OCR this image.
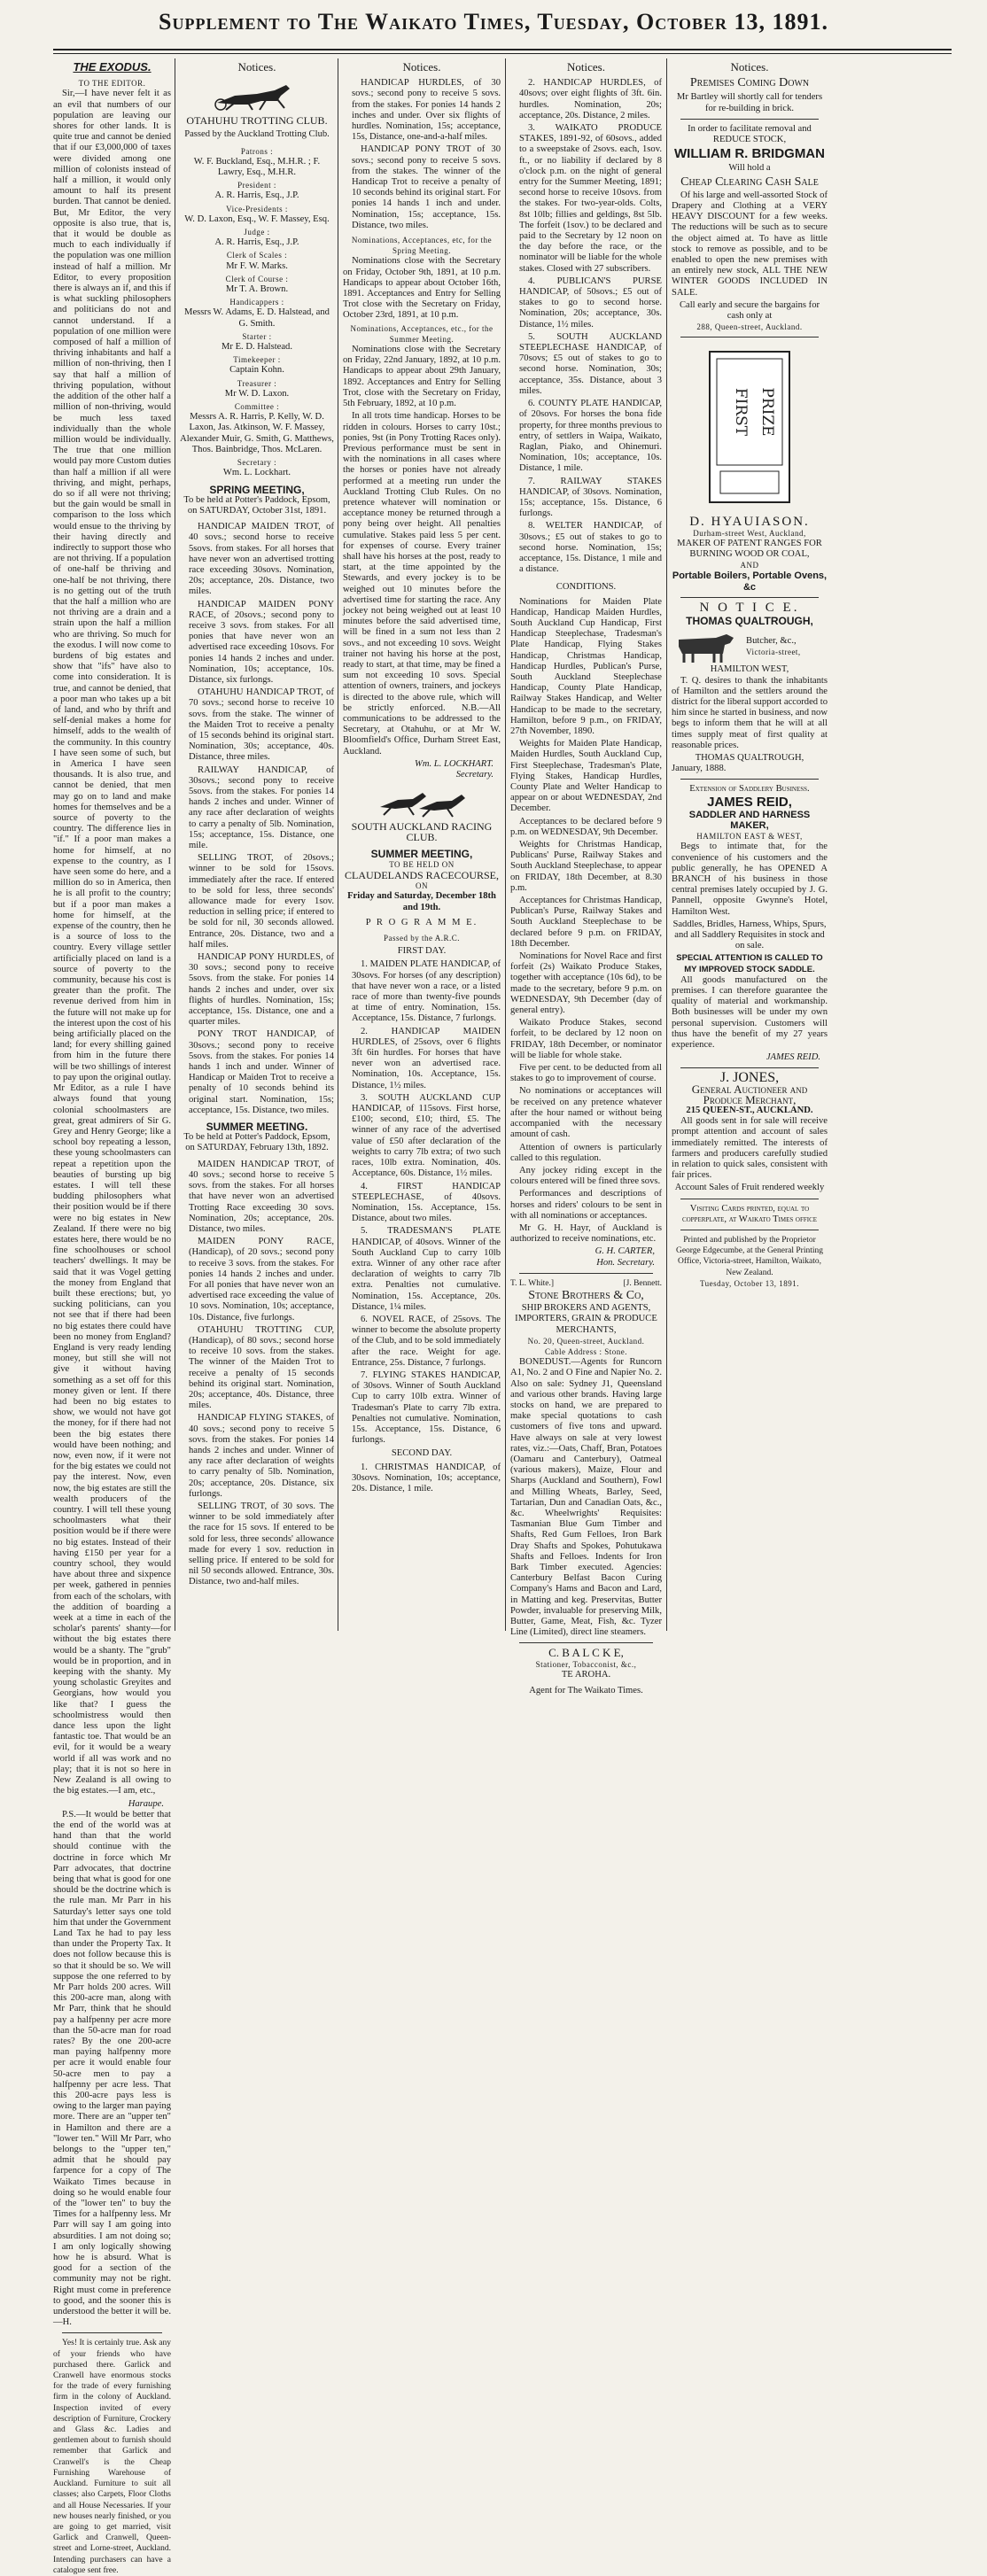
Supplement to The Waikato Times, Tuesday, October 13, 1891.
THE EXODUS.
TO THE EDITOR.

Sir,—I have never felt it as an evil that numbers of our population are leaving our shores for other lands. It is quite true and cannot be denied that if our £3,000,000 of taxes were divided among one million of colonists instead of half a million, it would only amount to half its present burden. That cannot be denied. But, Mr Editor, the very opposite is also true, that is, that it would be double as much to each individually if the population was one million instead of half a million. Mr Editor, to every proposition there is always an if, and this if is what suckling philosophers and politicians do not and cannot understand. If a population of one million were composed of half a million of thriving inhabitants and half a million of non-thriving, then I say that half a million of thriving population, without the addition of the other half a million of non-thriving, would be much less taxed individually than the whole million would be individually. The true that one million would pay more Custom duties than half a million if all were thriving, and might, perhaps, do so if all were not thriving; but the gain would be small in comparison to the loss which would ensue to the thriving by their having directly and indirectly to support those who are not thriving. If a population of one-half be thriving and one-half be not thriving, there is no getting out of the truth that the half a million who are not thriving are a drain and a strain upon the half a million who are thriving. So much for the exodus. I will now come to burdens of big estates and show that "ifs" have also to come into consideration. It is true, and cannot be denied, that a poor man who takes up a bit of land, and who by thrift and self-denial makes a home for himself, adds to the wealth of the community. In this country I have seen some of such, but in America I have seen thousands. It is also true, and cannot be denied, that men may go on to land and make homes for themselves and be a source of poverty to the country. The difference lies in "if." If a poor man makes a home for himself, at no expense to the country, as I have seen some do here, and a million do so in America, then he is all profit to the country; but if a poor man makes a home for himself, at the expense of the country, then he is a source of loss to the country. Every village settler artificially placed on land is a source of poverty to the community, because his cost is greater than the profit. The revenue derived from him in the future will not make up for the interest upon the cost of his being artificially placed on the land; for every shilling gained from him in the future there will be two shillings of interest to pay upon the original outlay. Mr Editor, as a rule I have always found that young colonial schoolmasters are great, great admirers of Sir G. Grey and Henry George; like a school boy repeating a lesson, these young schoolmasters can repeat a repetition upon the beauties of bursting up big estates. I will tell these budding philosophers what their position would be if there were no big estates in New Zealand. If there were no big estates here, there would be no fine schoolhouses or school teachers' dwellings. It may be said that it was Vogel getting the money from England that built these erections; but, yo sucking politicians, can you not see that if there had been no big estates there could have been no money from England? England is very ready lending money, but still she will not give it without having something as a set off for this money given or lent. If there had been no big estates to show, we would not have got the money, for if there had not been the big estates there would have been nothing; and now, even now, if it were not for the big estates we could not pay the interest. Now, even now, the big estates are still the wealth producers of the country. I will tell these young schoolmasters what their position would be if there were no big estates. Instead of their having £150 per year for a country school, they would have about three and sixpence per week, gathered in pennies from each of the scholars, with the addition of boarding a week at a time in each of the scholar's parents' shanty—for without the big estates there would be a shanty. The "grub" would be in proportion, and in keeping with the shanty. My young scholastic Greyites and Georgians, how would you like that? I guess the schoolmistress would then dance less upon the light fantastic toe. That would be an evil, for it would be a weary world if all was work and no play; that it is not so here in New Zealand is all owing to the big estates.—I am, etc.,

Haraupe.

P.S.—It would be better that the end of the world was at hand than that the world should continue with the doctrine in force which Mr Parr advocates, that doctrine being that what is good for one should be the doctrine which is the rule man. Mr Parr in his Saturday's letter says one told him that under the Government Land Tax he had to pay less than under the Property Tax. It does not follow because this is so that it should be so. We will suppose the one referred to by Mr Parr holds 200 acres. Will this 200-acre man, along with Mr Parr, think that he should pay a halfpenny per acre more than the 50-acre man for road rates? By the one 200-acre man paying halfpenny more per acre it would enable four 50-acre men to pay a halfpenny per acre less. That this 200-acre pays less is owing to the larger man paying more. There are an "upper ten" in Hamilton and there are a "lower ten." Will Mr Parr, who belongs to the "upper ten," admit that he should pay farpence for a copy of The Waikato Times because in doing so he would enable four of the "lower ten" to buy the Times for a halfpenny less. Mr Parr will say I am going into absurdities. I am not doing so; I am only logically showing how he is absurd. What is good for a section of the community may not be right. Right must come in preference to good, and the sooner this is understood the better it will be.—H.

Yes! It is certainly true. Ask any of your friends who have purchased there. Garlick and Cranwell have enormous stocks for the trade of every furnishing firm in the colony of Auckland. Inspection invited of every description of Furniture, Crockery and Glass &c. Ladies and gentlemen about to furnish should remember that Garlick and Cranwell's is the Cheap Furnishing Warehouse of Auckland. Furniture to suit all classes; also Carpets, Floor Cloths and all House Necessaries. If your new houses nearly finished, or you are going to get married, visit Garlick and Cranwell, Queen-street and Lorne-street, Auckland. Intending purchasers can have a catalogue sent free.

Notices.
OTAHUHU TROTTING CLUB.
Passed by the Auckland Trotting Club.
Patrons :
W. F. Buckland, Esq., M.H.R. ; F. Lawry, Esq., M.H.R.
President :
A. R. Harris, Esq., J.P.
Vice-Presidents :
W. D. Laxon, Esq., W. F. Massey, Esq.
Judge :
A. R. Harris, Esq., J.P.
Clerk of Scales :
Mr F. W. Marks.
Clerk of Course :
Mr T. A. Brown.
Handicappers :
Messrs W. Adams, E. D. Halstead, and G. Smith.
Starter :
Mr E. D. Halstead.
Timekeeper :
Captain Kohn.
Treasurer :
Mr W. D. Laxon.
Committee :
Messrs A. R. Harris, P. Kelly, W. D. Laxon, Jas. Atkinson, W. F. Massey, Alexander Muir, G. Smith, G. Matthews, Thos. Bainbridge, Thos. McLaren.
Secretary :
Wm. L. Lockhart.
SPRING MEETING,
To be held at Potter's Paddock, Epsom, on SATURDAY, October 31st, 1891.

HANDICAP MAIDEN TROT, of 40 sovs.; second horse to receive 5sovs. from stakes. For all horses that have never won an advertised trotting race exceeding 30sovs. Nomination, 20s; acceptance, 20s. Distance, two miles.

HANDICAP MAIDEN PONY RACE, of 20sovs.; second pony to receive 3 sovs. from stakes. For all ponies that have never won an advertised race exceeding 10sovs. For ponies 14 hands 2 inches and under. Nomination, 10s; acceptance, 10s. Distance, six furlongs.

OTAHUHU HANDICAP TROT, of 70 sovs.; second horse to receive 10 sovs. from the stake. The winner of the Maiden Trot to receive a penalty of 15 seconds behind its original start. Nomination, 30s; acceptance, 40s. Distance, three miles.

RAILWAY HANDICAP, of 30sovs.; second pony to receive 5sovs. from the stakes. For ponies 14 hands 2 inches and under. Winner of any race after declaration of weights to carry a penalty of 5lb. Nomination, 15s; acceptance, 15s. Distance, one mile.

SELLING TROT, of 20sovs.; winner to be sold for 15sovs. immediately after the race. If entered to be sold for less, three seconds' allowance made for every 1sov. reduction in selling price; if entered to be sold for nil, 30 seconds allowed. Entrance, 20s. Distance, two and a half miles.

HANDICAP PONY HURDLES, of 30 sovs.; second pony to receive 5sovs. from the stake. For ponies 14 hands 2 inches and under, over six flights of hurdles. Nomination, 15s; acceptance, 15s. Distance, one and a quarter miles.

PONY TROT HANDICAP, of 30sovs.; second pony to receive 5sovs. from the stakes. For ponies 14 hands 1 inch and under. Winner of Handicap or Maiden Trot to receive a penalty of 10 seconds behind its original start. Nomination, 15s; acceptance, 15s. Distance, two miles.

SUMMER MEETING.
To be held at Potter's Paddock, Epsom, on SATURDAY, February 13th, 1892.

MAIDEN HANDICAP TROT, of 40 sovs.; second horse to receive 5 sovs. from the stakes. For all horses that have never won an advertised Trotting Race exceeding 30 sovs. Nomination, 20s; acceptance, 20s. Distance, two miles.

MAIDEN PONY RACE, (Handicap), of 20 sovs.; second pony to receive 3 sovs. from the stakes. For ponies 14 hands 2 inches and under. For all ponies that have never won an advertised race exceeding the value of 10 sovs. Nomination, 10s; acceptance, 10s. Distance, five furlongs.

OTAHUHU TROTTING CUP, (Handicap), of 80 sovs.; second horse to receive 10 sovs. from the stakes. The winner of the Maiden Trot to receive a penalty of 15 seconds behind its original start. Nomination, 20s; acceptance, 40s. Distance, three miles.

HANDICAP FLYING STAKES, of 40 sovs.; second pony to receive 5 sovs. from the stakes. For ponies 14 hands 2 inches and under. Winner of any race after declaration of weights to carry penalty of 5lb. Nomination, 20s; acceptance, 20s. Distance, six furlongs.

SELLING TROT, of 30 sovs. The winner to be sold immediately after the race for 15 sovs. If entered to be sold for less, three seconds' allowance made for every 1 sov. reduction in selling price. If entered to be sold for nil 50 seconds allowed. Entrance, 30s. Distance, two and-half miles.

Notices.

HANDICAP HURDLES, of 30 sovs.; second pony to receive 5 sovs. from the stakes. For ponies 14 hands 2 inches and under. Over six flights of hurdles. Nomination, 15s; acceptance, 15s, Distance, one-and-a-half miles.

HANDICAP PONY TROT of 30 sovs.; second pony to receive 5 sovs. from the stakes. The winner of the Handicap Trot to receive a penalty of 10 seconds behind its original start. For ponies 14 hands 1 inch and under. Nomination, 15s; acceptance, 15s. Distance, two miles.

Nominations, Acceptances, etc, for the Spring Meeting.

Nominations close with the Secretary on Friday, October 9th, 1891, at 10 p.m. Handicaps to appear about October 16th, 1891. Acceptances and Entry for Selling Trot close with the Secretary on Friday, October 23rd, 1891, at 10 p.m.

Nominations, Acceptances, etc., for the Summer Meeting.

Nominations close with the Secretary on Friday, 22nd January, 1892, at 10 p.m. Handicaps to appear about 29th January, 1892. Acceptances and Entry for Selling Trot, close with the Secretary on Friday, 5th February, 1892, at 10 p.m.

In all trots time handicap. Horses to be ridden in colours. Horses to carry 10st.; ponies, 9st (in Pony Trotting Races only). Previous performance must be sent in with the nominations in all cases where the horses or ponies have not already performed at a meeting run under the Auckland Trotting Club Rules. On no pretence whatever will nomination or acceptance money be returned through a pony being over height. All penalties cumulative. Stakes paid less 5 per cent. for expenses of course. Every trainer shall have his horses at the post, ready to start, at the time appointed by the Stewards, and every jockey is to be weighed out 10 minutes before the advertised time for starting the race. Any jockey not being weighed out at least 10 minutes before the said advertised time, will be fined in a sum not less than 2 sovs., and not exceeding 10 sovs. Weight trainer not having his horse at the post, ready to start, at that time, may be fined a sum not exceeding 10 sovs. Special attention of owners, trainers, and jockeys is directed to the above rule, which will be strictly enforced. N.B.—All communications to be addressed to the Secretary, at Otahuhu, or at Mr W. Bloomfield's Office, Durham Street East, Auckland.

Wm. L. LOCKHART.
Secretary.
SOUTH AUCKLAND RACING CLUB.
SUMMER MEETING,
TO BE HELD ON
CLAUDELANDS RACECOURSE,
ON
Friday and Saturday, December 18th and 19th.
P R O G R A M M E.
Passed by the A.R.C.
FIRST DAY.

1. MAIDEN PLATE HANDICAP, of 30sovs. For horses (of any description) that have never won a race, or a listed race of more than twenty-five pounds at time of entry. Nomination, 15s. Acceptance, 15s. Distance, 7 furlongs.

2. HANDICAP MAIDEN HURDLES, of 25sovs, over 6 flights 3ft 6in hurdles. For horses that have never won an advertised race. Nomination, 10s. Acceptance, 15s. Distance, 1½ miles.

3. SOUTH AUCKLAND CUP HANDICAP, of 115sovs. First horse, £100; second, £10; third, £5. The winner of any race of the advertised value of £50 after declaration of the weights to carry 7lb extra; of two such races, 10lb extra. Nomination, 40s. Acceptance, 60s. Distance, 1½ miles.

4. FIRST HANDICAP STEEPLECHASE, of 40sovs. Nomination, 15s. Acceptance, 15s. Distance, about two miles.

5. TRADESMAN'S PLATE HANDICAP, of 40sovs. Winner of the South Auckland Cup to carry 10lb extra. Winner of any other race after declaration of weights to carry 7lb extra. Penalties not cumulative. Nomination, 15s. Acceptance, 20s. Distance, 1¼ miles.

6. NOVEL RACE, of 25sovs. The winner to become the absolute property of the Club, and to be sold immediately after the race. Weight for age. Entrance, 25s. Distance, 7 furlongs.

7. FLYING STAKES HANDICAP, of 30sovs. Winner of South Auckland Cup to carry 10lb extra. Winner of Tradesman's Plate to carry 7lb extra. Penalties not cumulative. Nomination, 15s. Acceptance, 15s. Distance, 6 furlongs.

SECOND DAY.

1. CHRISTMAS HANDICAP, of 30sovs. Nomination, 10s; acceptance, 20s. Distance, 1 mile.

Notices.

2. HANDICAP HURDLES, of 40sovs; over eight flights of 3ft. 6in. hurdles. Nomination, 20s; acceptance, 20s. Distance, 2 miles.

3. WAIKATO PRODUCE STAKES, 1891-92, of 60sovs., added to a sweepstake of 2sovs. each, 1sov. ft., or no liability if declared by 8 o'clock p.m. on the night of general entry for the Summer Meeting, 1891; second horse to receive 10sovs. from the stakes. For two-year-olds. Colts, 8st 10lb; fillies and geldings, 8st 5lb. The forfeit (1sov.) to be declared and paid to the Secretary by 12 noon on the day before the race, or the nominator will be liable for the whole stakes. Closed with 27 subscribers.

4. PUBLICAN'S PURSE HANDICAP, of 50sovs.; £5 out of stakes to go to second horse. Nomination, 20s; acceptance, 30s. Distance, 1½ miles.

5. SOUTH AUCKLAND STEEPLECHASE HANDICAP, of 70sovs; £5 out of stakes to go to second horse. Nomination, 30s; acceptance, 35s. Distance, about 3 miles.

6. COUNTY PLATE HANDICAP, of 20sovs. For horses the bona fide property, for three months previous to entry, of settlers in Waipa, Waikato, Raglan, Piako, and Ohinemuri. Nomination, 10s; acceptance, 10s. Distance, 1 mile.

7. RAILWAY STAKES HANDICAP, of 30sovs. Nomination, 15s; acceptance, 15s. Distance, 6 furlongs.

8. WELTER HANDICAP, of 30sovs.; £5 out of stakes to go to second horse. Nomination, 15s; acceptance, 15s. Distance, 1 mile and a distance.

CONDITIONS.

Nominations for Maiden Plate Handicap, Handicap Maiden Hurdles, South Auckland Cup Handicap, First Handicap Steeplechase, Tradesman's Plate Handicap, Flying Stakes Handicap, Christmas Handicap, Handicap Hurdles, Publican's Purse, South Auckland Steeplechase Handicap, County Plate Handicap, Railway Stakes Handicap, and Welter Handicap to be made to the secretary, Hamilton, before 9 p.m., on FRIDAY, 27th November, 1890.

Weights for Maiden Plate Handicap, Maiden Hurdles, South Auckland Cup, First Steeplechase, Tradesman's Plate, Flying Stakes, Handicap Hurdles, County Plate and Welter Handicap to appear on or about WEDNESDAY, 2nd December.

Acceptances to be declared before 9 p.m. on WEDNESDAY, 9th December.

Weights for Christmas Handicap, Publicans' Purse, Railway Stakes and South Auckland Steeplechase, to appear on FRIDAY, 18th December, at 8.30 p.m.

Acceptances for Christmas Handicap, Publican's Purse, Railway Stakes and South Auckland Steeplechase to be declared before 9 p.m. on FRIDAY, 18th December.

Nominations for Novel Race and first forfeit (2s) Waikato Produce Stakes, together with acceptance (10s 6d), to be made to the secretary, before 9 p.m. on WEDNESDAY, 9th December (day of general entry).

Waikato Produce Stakes, second forfeit, to be declared by 12 noon on FRIDAY, 18th December, or nominator will be liable for whole stake.

Five per cent. to be deducted from all stakes to go to improvement of course.

No nominations or acceptances will be received on any pretence whatever after the hour named or without being accompanied with the necessary amount of cash.

Attention of owners is particularly called to this regulation.

Any jockey riding except in the colours entered will be fined three sovs.

Performances and descriptions of horses and riders' colours to be sent in with all nominations or acceptances.

Mr G. H. Hayr, of Auckland is authorized to receive nominations, etc.

G. H. CARTER,
Hon. Secretary.
T. L. White.]	[J. Bennett.
Stone Brothers & Co,
SHIP BROKERS AND AGENTS, IMPORTERS, GRAIN & PRODUCE MERCHANTS,
No. 20, Queen-street, Auckland.
Cable Address : Stone.

BONEDUST.—Agents for Runcorn A1, No. 2 and O Fine and Napier No. 2. Also on sale: Sydney J1, Queensland and various other brands. Having large stocks on hand, we are prepared to make special quotations to cash customers of five tons and upward. Have always on sale at very lowest rates, viz.:—Oats, Chaff, Bran, Potatoes (Oamaru and Canterbury), Oatmeal (various makers), Maize, Flour and Sharps (Auckland and Southern), Fowl and Milling Wheats, Barley, Seed, Tartarian, Dun and Canadian Oats, &c., &c. Wheelwrights' Requisites: Tasmanian Blue Gum Timber and Shafts, Red Gum Felloes, Iron Bark Dray Shafts and Spokes, Pohutukawa Shafts and Felloes. Indents for Iron Bark Timber executed. Agencies: Canterbury Belfast Bacon Curing Company's Hams and Bacon and Lard, in Matting and keg. Preservitas, Butter Powder, invaluable for preserving Milk, Butter, Game, Meat, Fish, &c. Tyzer Line (Limited), direct line steamers.

C. B A L C K E,
Stationer, Tobacconist, &c.,
TE AROHA.
Agent for The Waikato Times.
Notices.
Premises Coming Down
Mr Bartley will shortly call for tenders for re-building in brick.
In order to facilitate removal and REDUCE STOCK,
WILLIAM R. BRIDGMAN
Will hold a
Cheap Clearing Cash Sale

Of his large and well-assorted Stock of Drapery and Clothing at a VERY HEAVY DISCOUNT for a few weeks. The reductions will be such as to secure the object aimed at. To have as little stock to remove as possible, and to be enabled to open the new premises with an entirely new stock, ALL THE NEW WINTER GOODS INCLUDED IN SALE.

Call early and secure the bargains for cash only at
288, Queen-street, Auckland.
FIRST PRIZE
D. HYAUIASON.
Durham-street West, Auckland,
MAKER OF PATENT RANGES FOR BURNING WOOD OR COAL,
AND
Portable Boilers, Portable Ovens, &c
N O T I C E.
THOMAS QUALTROUGH,
Butcher, &c.,
Victoria-street,
HAMILTON WEST,

T. Q. desires to thank the inhabitants of Hamilton and the settlers around the district for the liberal support accorded to him since he started in business, and now begs to inform them that he will at all times supply meat of first quality at reasonable prices.

THOMAS QUALTROUGH,
January, 1888.
Extension of Saddlery Business.
JAMES REID,
SADDLER AND HARNESS MAKER,
HAMILTON EAST & WEST,

Begs to intimate that, for the convenience of his customers and the public generally, he has OPENED A BRANCH of his business in those central premises lately occupied by J. G. Pannell, opposite Gwynne's Hotel, Hamilton West.

Saddles, Bridles, Harness, Whips, Spurs, and all Saddlery Requisites in stock and on sale.

SPECIAL ATTENTION IS CALLED TO MY IMPROVED STOCK SADDLE.

All goods manufactured on the premises. I can therefore guarantee the quality of material and workmanship. Both businesses will be under my own personal supervision. Customers will thus have the benefit of my 27 years experience.

JAMES REID.
J. JONES,
General Auctioneer and Produce Merchant,
215 QUEEN-ST., AUCKLAND.

All goods sent in for sale will receive prompt attention and account of sales immediately remitted. The interests of farmers and producers carefully studied in relation to quick sales, consistent with fair prices.

Account Sales of Fruit rendered weekly
Visiting Cards printed, equal to copperplate, at Waikato Times office
Printed and published by the Proprietor George Edgecumbe, at the General Printing Office, Victoria-street, Hamilton, Waikato, New Zealand.
Tuesday, October 13, 1891.
